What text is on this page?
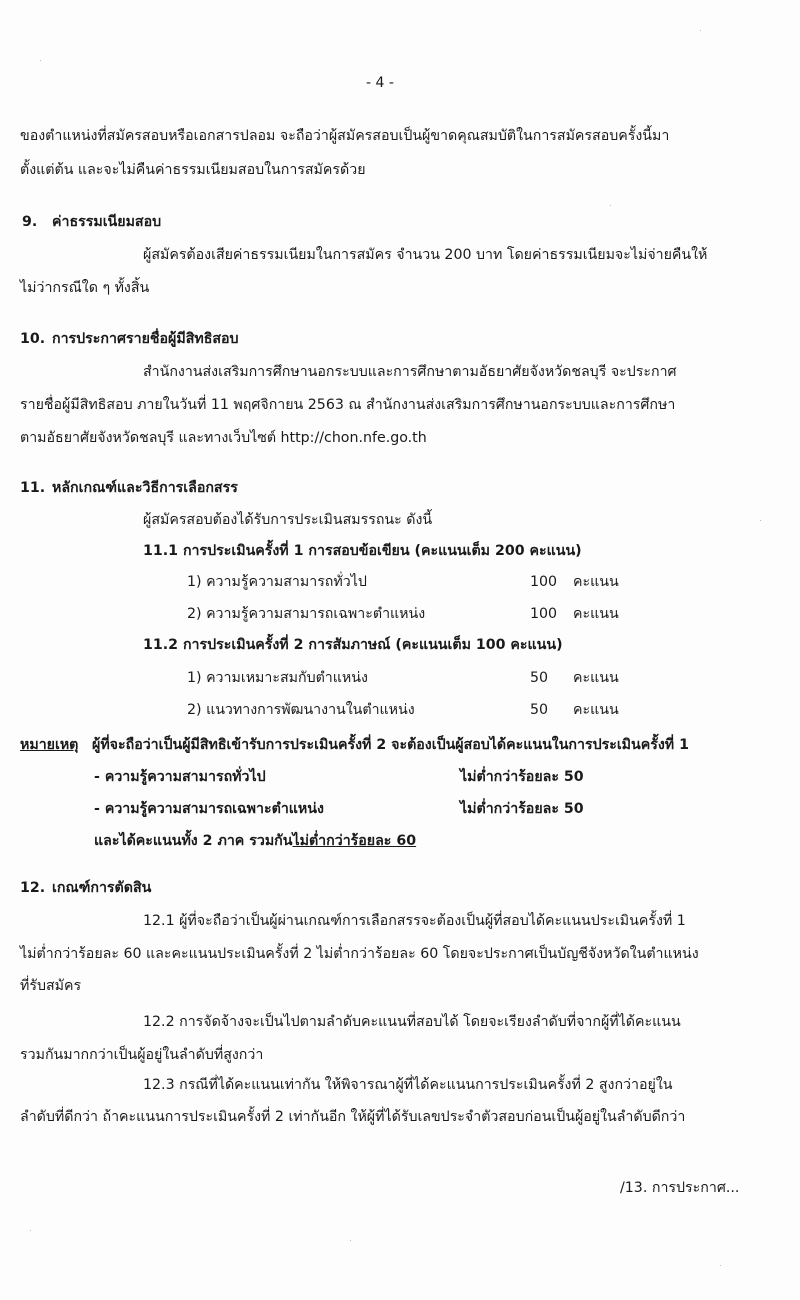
- 4 -
ของตำแหน่งที่สมัครสอบหรือเอกสารปลอม จะถือว่าผู้สมัครสอบเป็นผู้ขาดคุณสมบัติในการสมัครสอบครั้งนี้มา
ตั้งแต่ต้น และจะไม่คืนค่าธรรมเนียมสอบในการสมัครด้วย
9. ค่าธรรมเนียมสอบ
ผู้สมัครต้องเสียค่าธรรมเนียมในการสมัคร จำนวน 200 บาท โดยค่าธรรมเนียมจะไม่จ่ายคืนให้
ไม่ว่ากรณีใด ๆ ทั้งสิ้น
10. การประกาศรายชื่อผู้มีสิทธิสอบ
สำนักงานส่งเสริมการศึกษานอกระบบและการศึกษาตามอัธยาศัยจังหวัดชลบุรี จะประกาศ
รายชื่อผู้มีสิทธิสอบ ภายในวันที่ 11 พฤศจิกายน 2563 ณ สำนักงานส่งเสริมการศึกษานอกระบบและการศึกษา
ตามอัธยาศัยจังหวัดชลบุรี และทางเว็บไซต์ http://chon.nfe.go.th
11. หลักเกณฑ์และวิธีการเลือกสรร
ผู้สมัครสอบต้องได้รับการประเมินสมรรถนะ ดังนี้
11.1 การประเมินครั้งที่ 1 การสอบข้อเขียน (คะแนนเต็ม 200 คะแนน)
1) ความรู้ความสามารถทั่วไป	100 คะแนน
2) ความรู้ความสามารถเฉพาะตำแหน่ง	100 คะแนน
11.2 การประเมินครั้งที่ 2 การสัมภาษณ์ (คะแนนเต็ม 100 คะแนน)
1) ความเหมาะสมกับตำแหน่ง	50 คะแนน
2) แนวทางการพัฒนางานในตำแหน่ง	50 คะแนน
หมายเหตุ ผู้ที่จะถือว่าเป็นผู้มีสิทธิเข้ารับการประเมินครั้งที่ 2 จะต้องเป็นผู้สอบได้คะแนนในการประเมินครั้งที่ 1
- ความรู้ความสามารถทั่วไป	ไม่ต่ำกว่าร้อยละ 50
- ความรู้ความสามารถเฉพาะตำแหน่ง	ไม่ต่ำกว่าร้อยละ 50
และได้คะแนนทั้ง 2 ภาค รวมกันไม่ต่ำกว่าร้อยละ 60
12. เกณฑ์การตัดสิน
12.1 ผู้ที่จะถือว่าเป็นผู้ผ่านเกณฑ์การเลือกสรรจะต้องเป็นผู้ที่สอบได้คะแนนประเมินครั้งที่ 1
ไม่ต่ำกว่าร้อยละ 60 และคะแนนประเมินครั้งที่ 2 ไม่ต่ำกว่าร้อยละ 60 โดยจะประกาศเป็นบัญชีจังหวัดในตำแหน่ง
ที่รับสมัคร
12.2 การจัดจ้างจะเป็นไปตามลำดับคะแนนที่สอบได้ โดยจะเรียงลำดับที่จากผู้ที่ได้คะแนน
รวมกันมากกว่าเป็นผู้อยู่ในลำดับที่สูงกว่า
12.3 กรณีที่ได้คะแนนเท่ากัน ให้พิจารณาผู้ที่ได้คะแนนการประเมินครั้งที่ 2 สูงกว่าอยู่ใน
ลำดับที่ดีกว่า ถ้าคะแนนการประเมินครั้งที่ 2 เท่ากันอีก ให้ผู้ที่ได้รับเลขประจำตัวสอบก่อนเป็นผู้อยู่ในลำดับดีกว่า
/13. การประกาศ...
